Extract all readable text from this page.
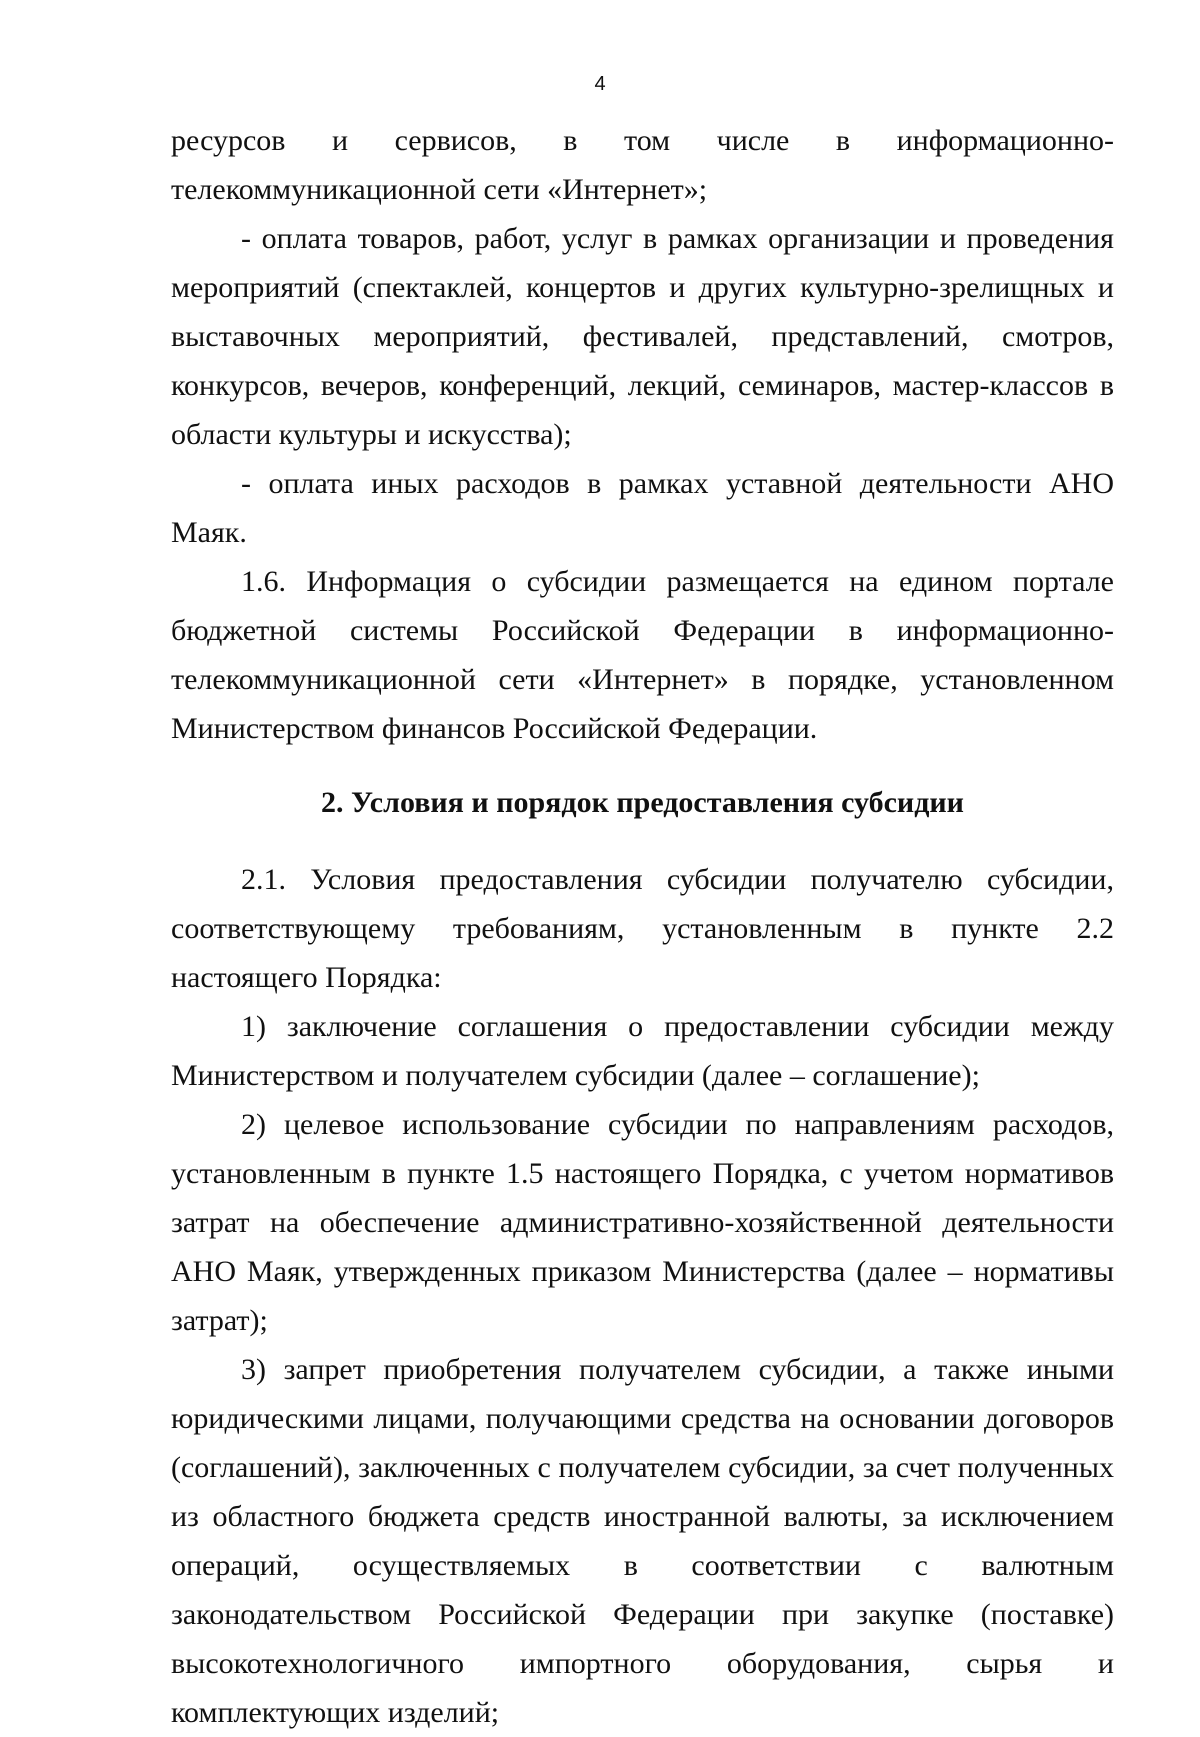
4

ресурсов и сервисов, в том числе в информационно-телекоммуникационной сети «Интернет»;

- оплата товаров, работ, услуг в рамках организации и проведения мероприятий (спектаклей, концертов и других культурно-зрелищных и выставочных мероприятий, фестивалей, представлений, смотров, конкурсов, вечеров, конференций, лекций, семинаров, мастер-классов в области культуры и искусства);

- оплата иных расходов в рамках уставной деятельности АНО Маяк.

1.6. Информация о субсидии размещается на едином портале бюджетной системы Российской Федерации в информационно-телекоммуникационной сети «Интернет» в порядке, установленном Министерством финансов Российской Федерации.

2. Условия и порядок предоставления субсидии

2.1. Условия предоставления субсидии получателю субсидии, соответствующему требованиям, установленным в пункте 2.2 настоящего Порядка:

1) заключение соглашения о предоставлении субсидии между Министерством и получателем субсидии (далее – соглашение);

2) целевое использование субсидии по направлениям расходов, установленным в пункте 1.5 настоящего Порядка, с учетом нормативов затрат на обеспечение административно-хозяйственной деятельности АНО Маяк, утвержденных приказом Министерства (далее – нормативы затрат);

3) запрет приобретения получателем субсидии, а также иными юридическими лицами, получающими средства на основании договоров (соглашений), заключенных с получателем субсидии, за счет полученных из областного бюджета средств иностранной валюты, за исключением операций, осуществляемых в соответствии с валютным законодательством Российской Федерации при закупке (поставке) высокотехнологичного импортного оборудования, сырья и комплектующих изделий;
